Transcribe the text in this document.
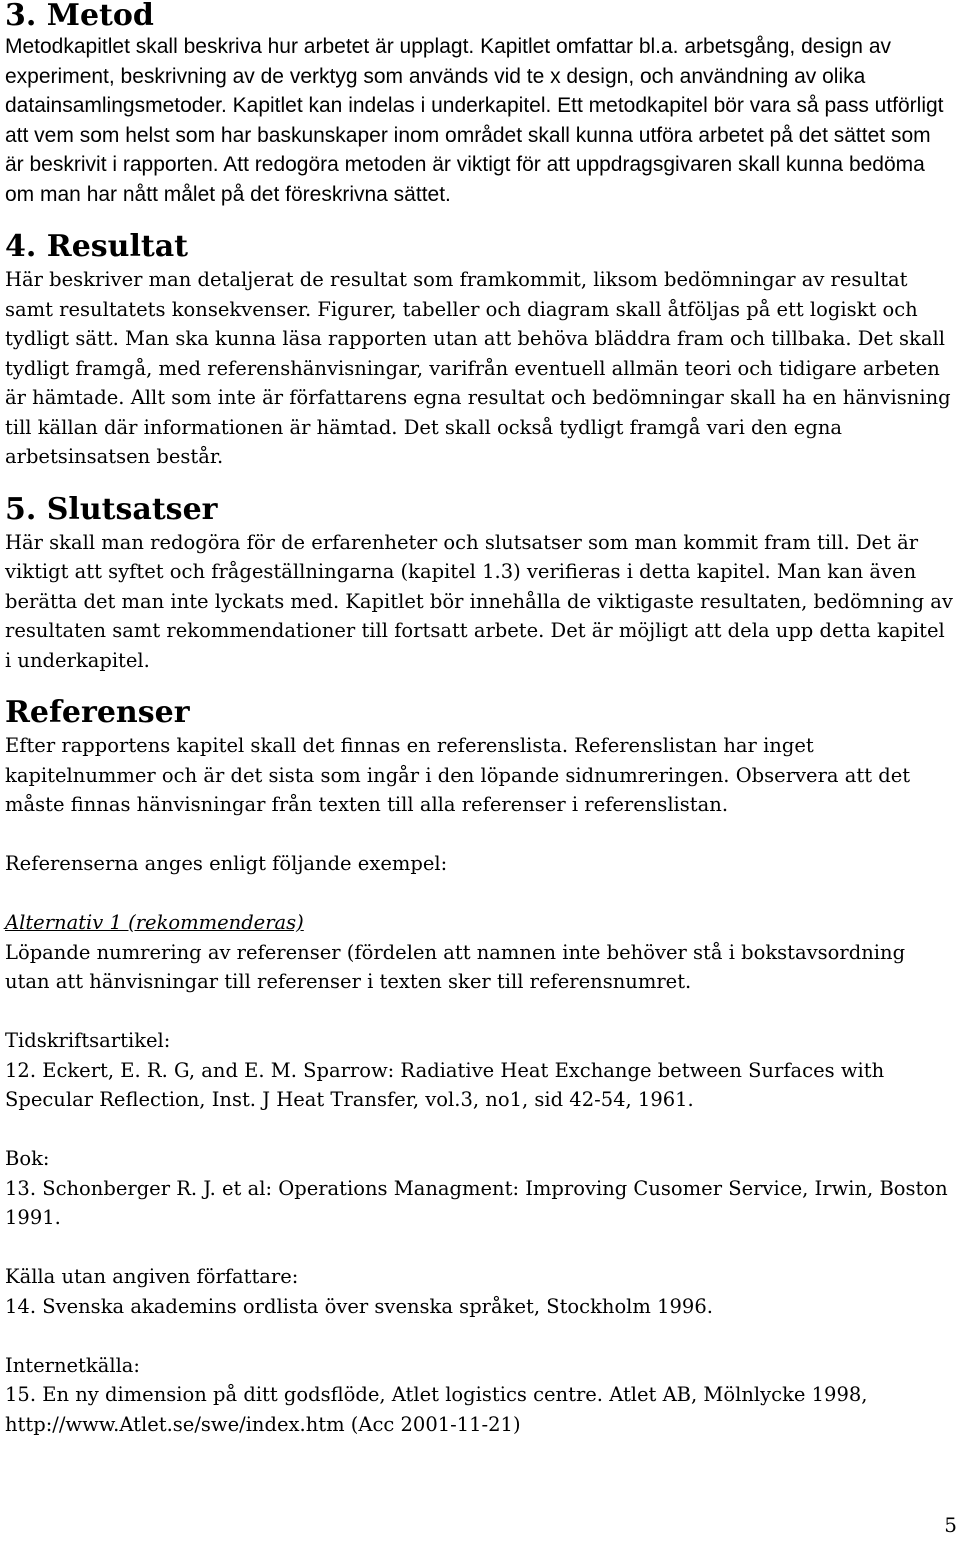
3. Metod

Metodkapitlet skall beskriva hur arbetet är upplagt. Kapitlet omfattar bl.a. arbetsgång, design av experiment, beskrivning av de verktyg som används vid te x design, och användning av olika datainsamlingsmetoder. Kapitlet kan indelas i underkapitel. Ett metodkapitel bör vara så pass utförligt att vem som helst som har baskunskaper inom området skall kunna utföra arbetet på det sättet som är beskrivit i rapporten. Att redogöra metoden är viktigt för att uppdragsgivaren skall kunna bedöma om man har nått målet på det föreskrivna sättet.

4. Resultat

Här beskriver man detaljerat de resultat som framkommit, liksom bedömningar av resultat samt resultatets konsekvenser. Figurer, tabeller och diagram skall åtföljas på ett logiskt och tydligt sätt. Man ska kunna läsa rapporten utan att behöva bläddra fram och tillbaka. Det skall tydligt framgå, med referenshänvisningar, varifrån eventuell allmän teori och tidigare arbeten är hämtade. Allt som inte är författarens egna resultat och bedömningar skall ha en hänvisning till källan där informationen är hämtad. Det skall också tydligt framgå vari den egna arbetsinsatsen består.

5. Slutsatser

Här skall man redogöra för de erfarenheter och slutsatser som man kommit fram till. Det är viktigt att syftet och frågeställningarna (kapitel 1.3) verifieras i detta kapitel. Man kan även berätta det man inte lyckats med. Kapitlet bör innehålla de viktigaste resultaten, bedömning av resultaten samt rekommendationer till fortsatt arbete. Det är möjligt att dela upp detta kapitel i underkapitel.

Referenser

Efter rapportens kapitel skall det finnas en referenslista. Referenslistan har inget kapitelnummer och är det sista som ingår i den löpande sidnumreringen. Observera att det måste finnas hänvisningar från texten till alla referenser i referenslistan.

Referenserna anges enligt följande exempel:

Alternativ 1 (rekommenderas)

Löpande numrering av referenser (fördelen att namnen inte behöver stå i bokstavsordning utan att hänvisningar till referenser i texten sker till referensnumret.

Tidskriftsartikel:

12. Eckert, E. R. G, and E. M. Sparrow: Radiative Heat Exchange between Surfaces with Specular Reflection, Inst. J Heat Transfer, vol.3, no1, sid 42-54, 1961.

Bok:

13. Schonberger R. J. et al: Operations Managment: Improving Cusomer Service, Irwin, Boston 1991.

Källa utan angiven författare:

14. Svenska akademins ordlista över svenska språket, Stockholm 1996.

Internetkälla:

15. En ny dimension på ditt godsflöde, Atlet logistics centre. Atlet AB, Mölnlycke 1998, http://www.Atlet.se/swe/index.htm (Acc 2001-11-21)

5
